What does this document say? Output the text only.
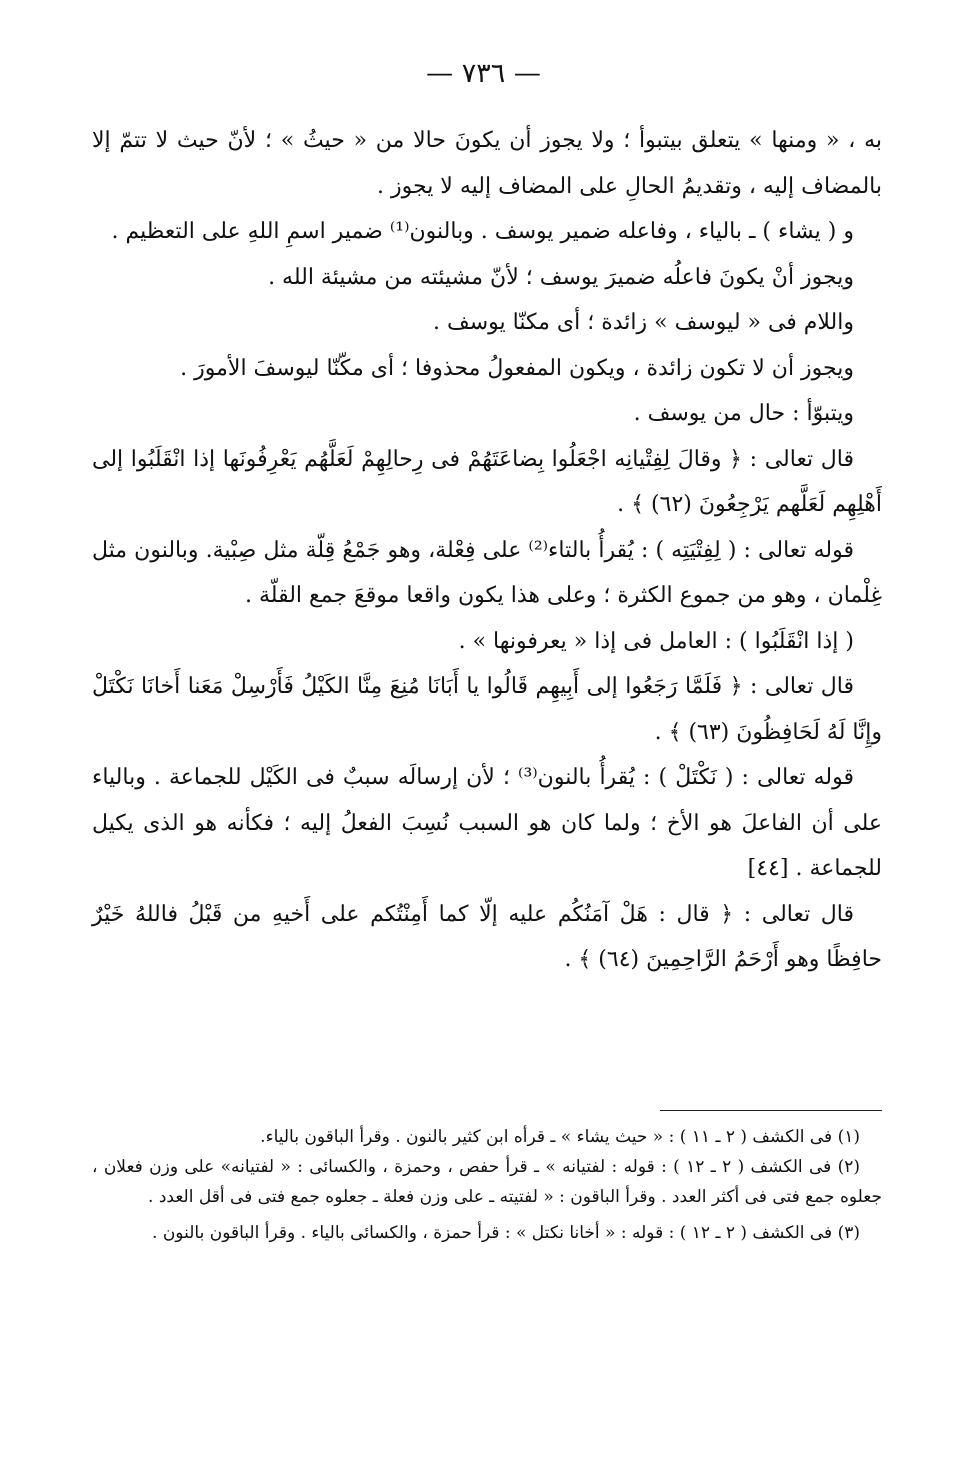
— ٧٣٦ —

به ، « ومنها » يتعلق بيتبوأ ؛ ولا يجوز أن يكونَ حالا من « حيثُ » ؛ لأنّ حيث لا تتمّ إلا بالمضاف إليه ، وتقديمُ الحالِ على المضاف إليه لا يجوز .

و ( يشاء ) ـ بالياء ، وفاعله ضمير يوسف . وبالنون⁽¹⁾ ضمير اسمِ اللهِ على التعظيم .

ويجوز أنْ يكونَ فاعلُه ضميرَ يوسف ؛ لأنّ مشيئته من مشيئة الله .

واللام فى « ليوسف » زائدة ؛ أى مكنّا يوسف .

ويجوز أن لا تكون زائدة ، ويكون المفعولُ محذوفا ؛ أى مكّنّا ليوسفَ الأمورَ .

ويتبوّأ : حال من يوسف .

قال تعالى : ﴿ وقالَ لِفِتْيانِه اجْعَلُوا بِضاعَتَهُمْ فى رِحالِهِمْ لَعَلَّهُم يَعْرِفُونَها إذا انْقَلَبُوا إلى أَهْلِهِم لَعَلَّهم يَرْجِعُونَ (٦٢) ﴾ .

قوله تعالى : ( لِفِتْيَتِه ) : يُقرأُ بالتاء⁽²⁾ على فِعْلة، وهو جَمْعُ قِلّة مثل صِبْية. وبالنون مثل غِلْمان ، وهو من جموع الكثرة ؛ وعلى هذا يكون واقعا موقعَ جمع القلّة .

( إذا انْقَلَبُوا ) : العامل فى إذا « يعرفونها » .

قال تعالى : ﴿ فَلَمَّا رَجَعُوا إلى أَبِيهِم قَالُوا يا أَبَانَا مُنِعَ مِنَّا الكَيْلُ فَأَرْسِلْ مَعَنا أَخانَا نَكْتَلْ وإِنَّا لَهُ لَحَافِظُونَ (٦٣) ﴾ .

قوله تعالى : ( نَكْتَلْ ) : يُقرأُ بالنون⁽³⁾ ؛ لأن إرسالَه سببٌ فى الكَيْل للجماعة . وبالياء على أن الفاعلَ هو الأخ ؛ ولما كان هو السبب نُسِبَ الفعلُ إليه ؛ فكأنه هو الذى يكيل للجماعة . [٤٤]

قال تعالى : ﴿ قال : هَلْ آمَنُكُم عليه إلّا كما أَمِنْتُكم على أَخيهِ من قَبْلُ فاللهُ خَيْرٌ حافِظًا وهو أَرْحَمُ الرَّاحِمِينَ (٦٤) ﴾ .

(١) فى الكشف ( ٢ ـ ١١ ) : « حيث يشاء » ـ قرأه ابن كثير بالنون . وقرأ الباقون بالياء.

(٢) فى الكشف ( ٢ ـ ١٢ ) : قوله : لفتيانه » ـ قرأ حفص ، وحمزة ، والكسائى : « لفتيانه» على وزن فعلان ، جعلوه جمع فتى فى أكثر العدد . وقرأ الباقون : « لفتيته ـ على وزن فعلة ـ جعلوه جمع فتى فى أقل العدد .

(٣) فى الكشف ( ٢ ـ ١٢ ) : قوله : « أخانا نكتل » : قرأ حمزة ، والكسائى بالياء . وقرأ الباقون بالنون .
